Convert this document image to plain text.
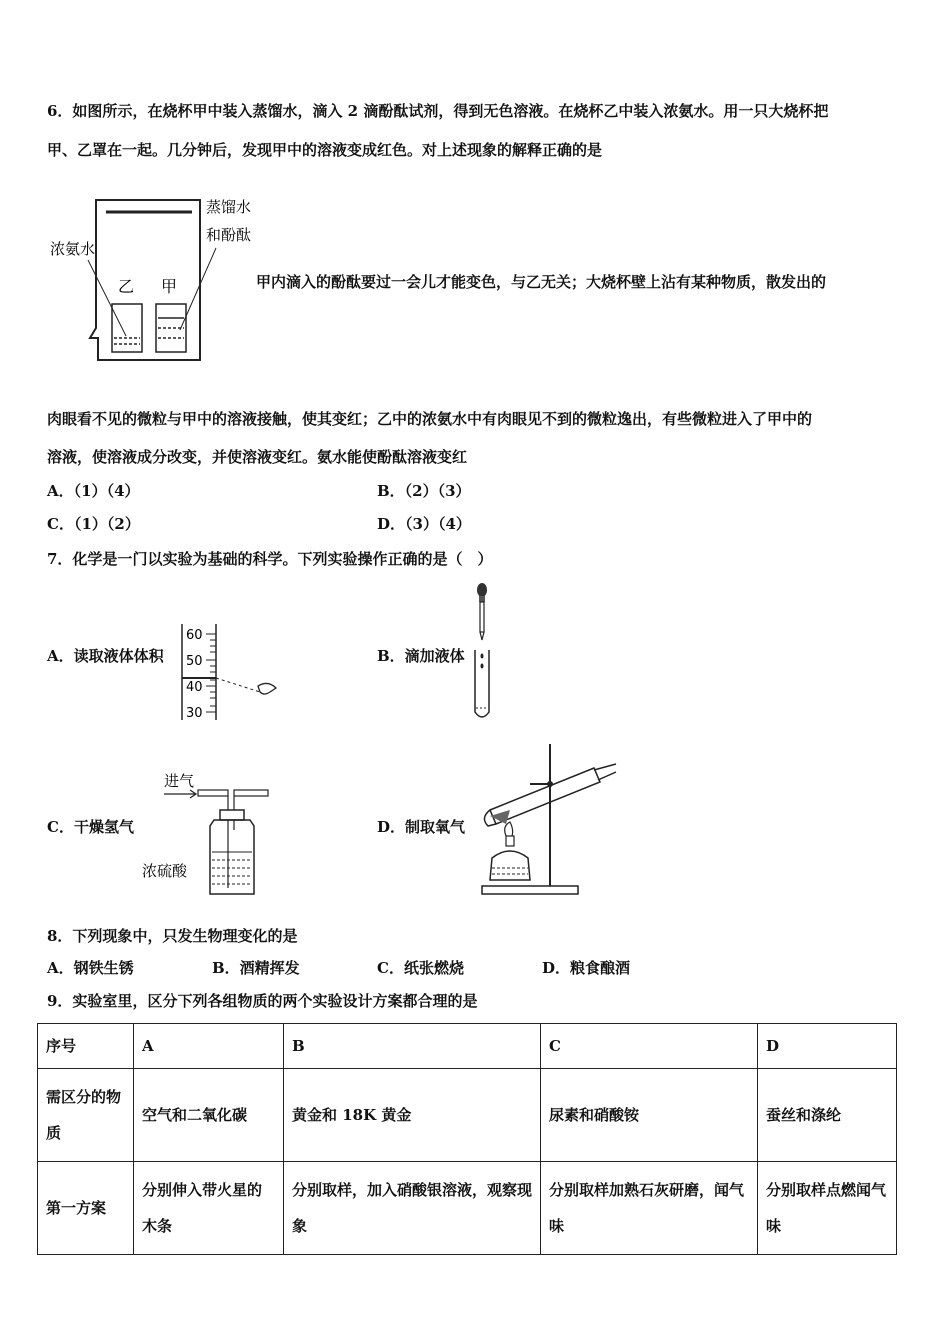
6．如图所示，在烧杯甲中装入蒸馏水，滴入 2 滴酚酞试剂，得到无色溶液。在烧杯乙中装入浓氨水。用一只大烧杯把
甲、乙罩在一起。几分钟后，发现甲中的溶液变成红色。对上述现象的解释正确的是
蒸馏水
和酚酞
浓氨水
乙 甲	甲内滴入的酚酞要过一会儿才能变色，与乙无关；大烧杯壁上沾有某种物质，散发出的
肉眼看不见的微粒与甲中的溶液接触，使其变红；乙中的浓氨水中有肉眼见不到的微粒逸出，有些微粒进入了甲中的
溶液，使溶液成分改变，并使溶液变红。氨水能使酚酞溶液变红
A．（1）（4）	B．（2）（3）
C．（1）（2）	D．（3）（4）
7．化学是一门以实验为基础的科学。下列实验操作正确的是（　）
A．读取液体体积
60
50
40
30
B．滴加液体
C．干燥氢气
进气
浓硫酸
D．制取氧气
8．下列现象中，只发生物理变化的是
A．钢铁生锈	B．酒精挥发	C．纸张燃烧	D．粮食酿酒
9．实验室里，区分下列各组物质的两个实验设计方案都合理的是
序号	A	B	C	D
需区分的物质	空气和二氧化碳	黄金和 18K 黄金	尿素和硝酸铵	蚕丝和涤纶
第一方案	分别伸入带火星的木条	分别取样，加入硝酸银溶液，观察现象	分别取样加熟石灰研磨，闻气味	分别取样点燃闻气味
